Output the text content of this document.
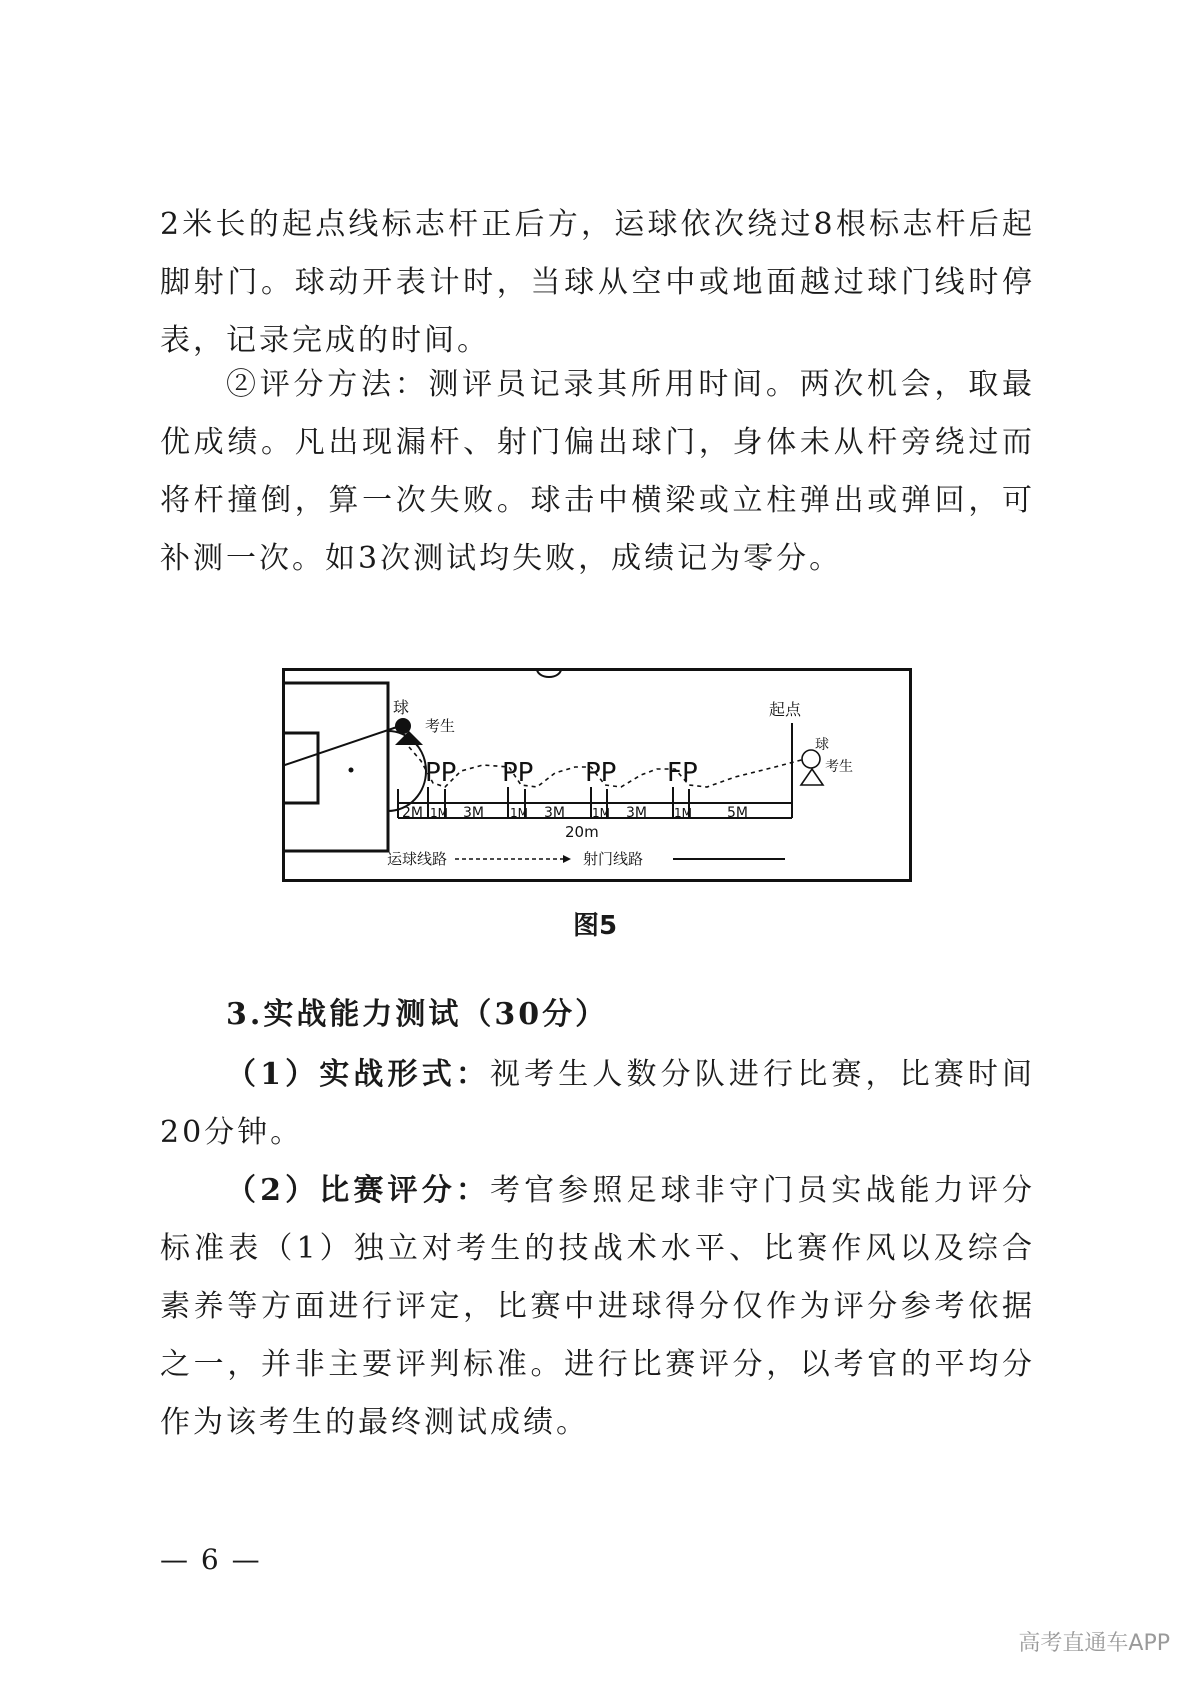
2米长的起点线标志杆正后方，运球依次绕过8根标志杆后起脚射门。球动开表计时，当球从空中或地面越过球门线时停表，记录完成的时间。

②评分方法：测评员记录其所用时间。两次机会，取最优成绩。凡出现漏杆、射门偏出球门，身体未从杆旁绕过而将杆撞倒，算一次失败。球击中横梁或立柱弹出或弹回，可补测一次。如3次测试均失败，成绩记为零分。

球
考生
PP PP PP FP
2M 1M 3M 1M 3M 1M 3M 1M	5M
20m
起点
球
考生
运球线路	射门线路
图5

3.实战能力测试（30分）

（1）实战形式：视考生人数分队进行比赛，比赛时间20分钟。

（2）比赛评分：考官参照足球非守门员实战能力评分标准表（1）独立对考生的技战术水平、比赛作风以及综合素养等方面进行评定，比赛中进球得分仅作为评分参考依据之一，并非主要评判标准。进行比赛评分，以考官的平均分作为该考生的最终测试成绩。

— 6 —
高考直通车APP
